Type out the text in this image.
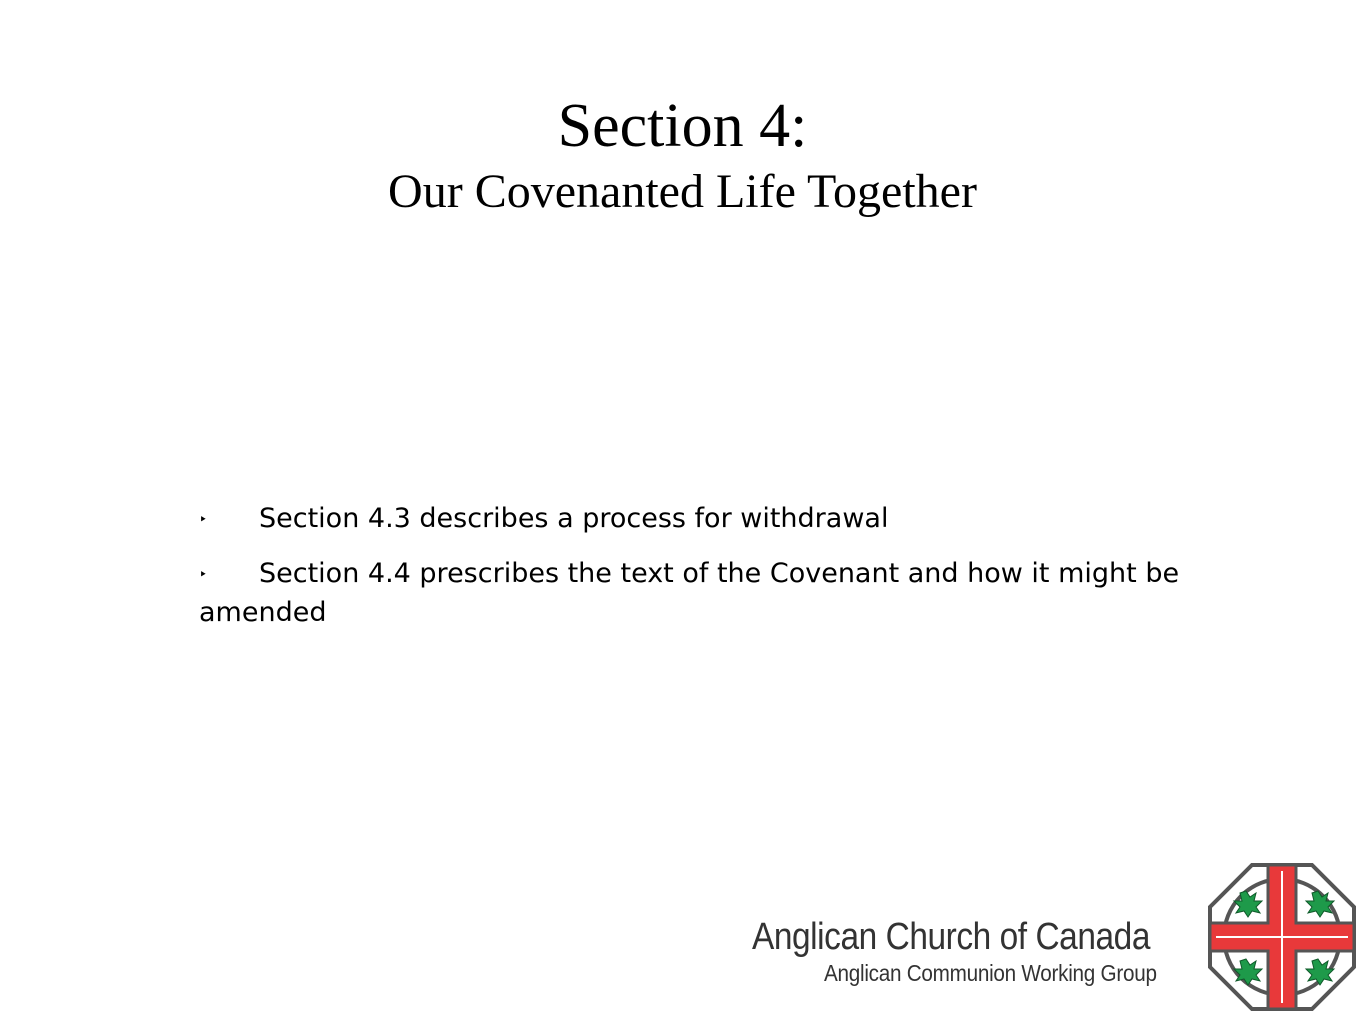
Section 4:
Our Covenanted Life Together
‣ Section 4.3 describes a process for withdrawal
‣ Section 4.4 prescribes the text of the Covenant and how it might be amended
Anglican Church of Canada
Anglican Communion Working Group
